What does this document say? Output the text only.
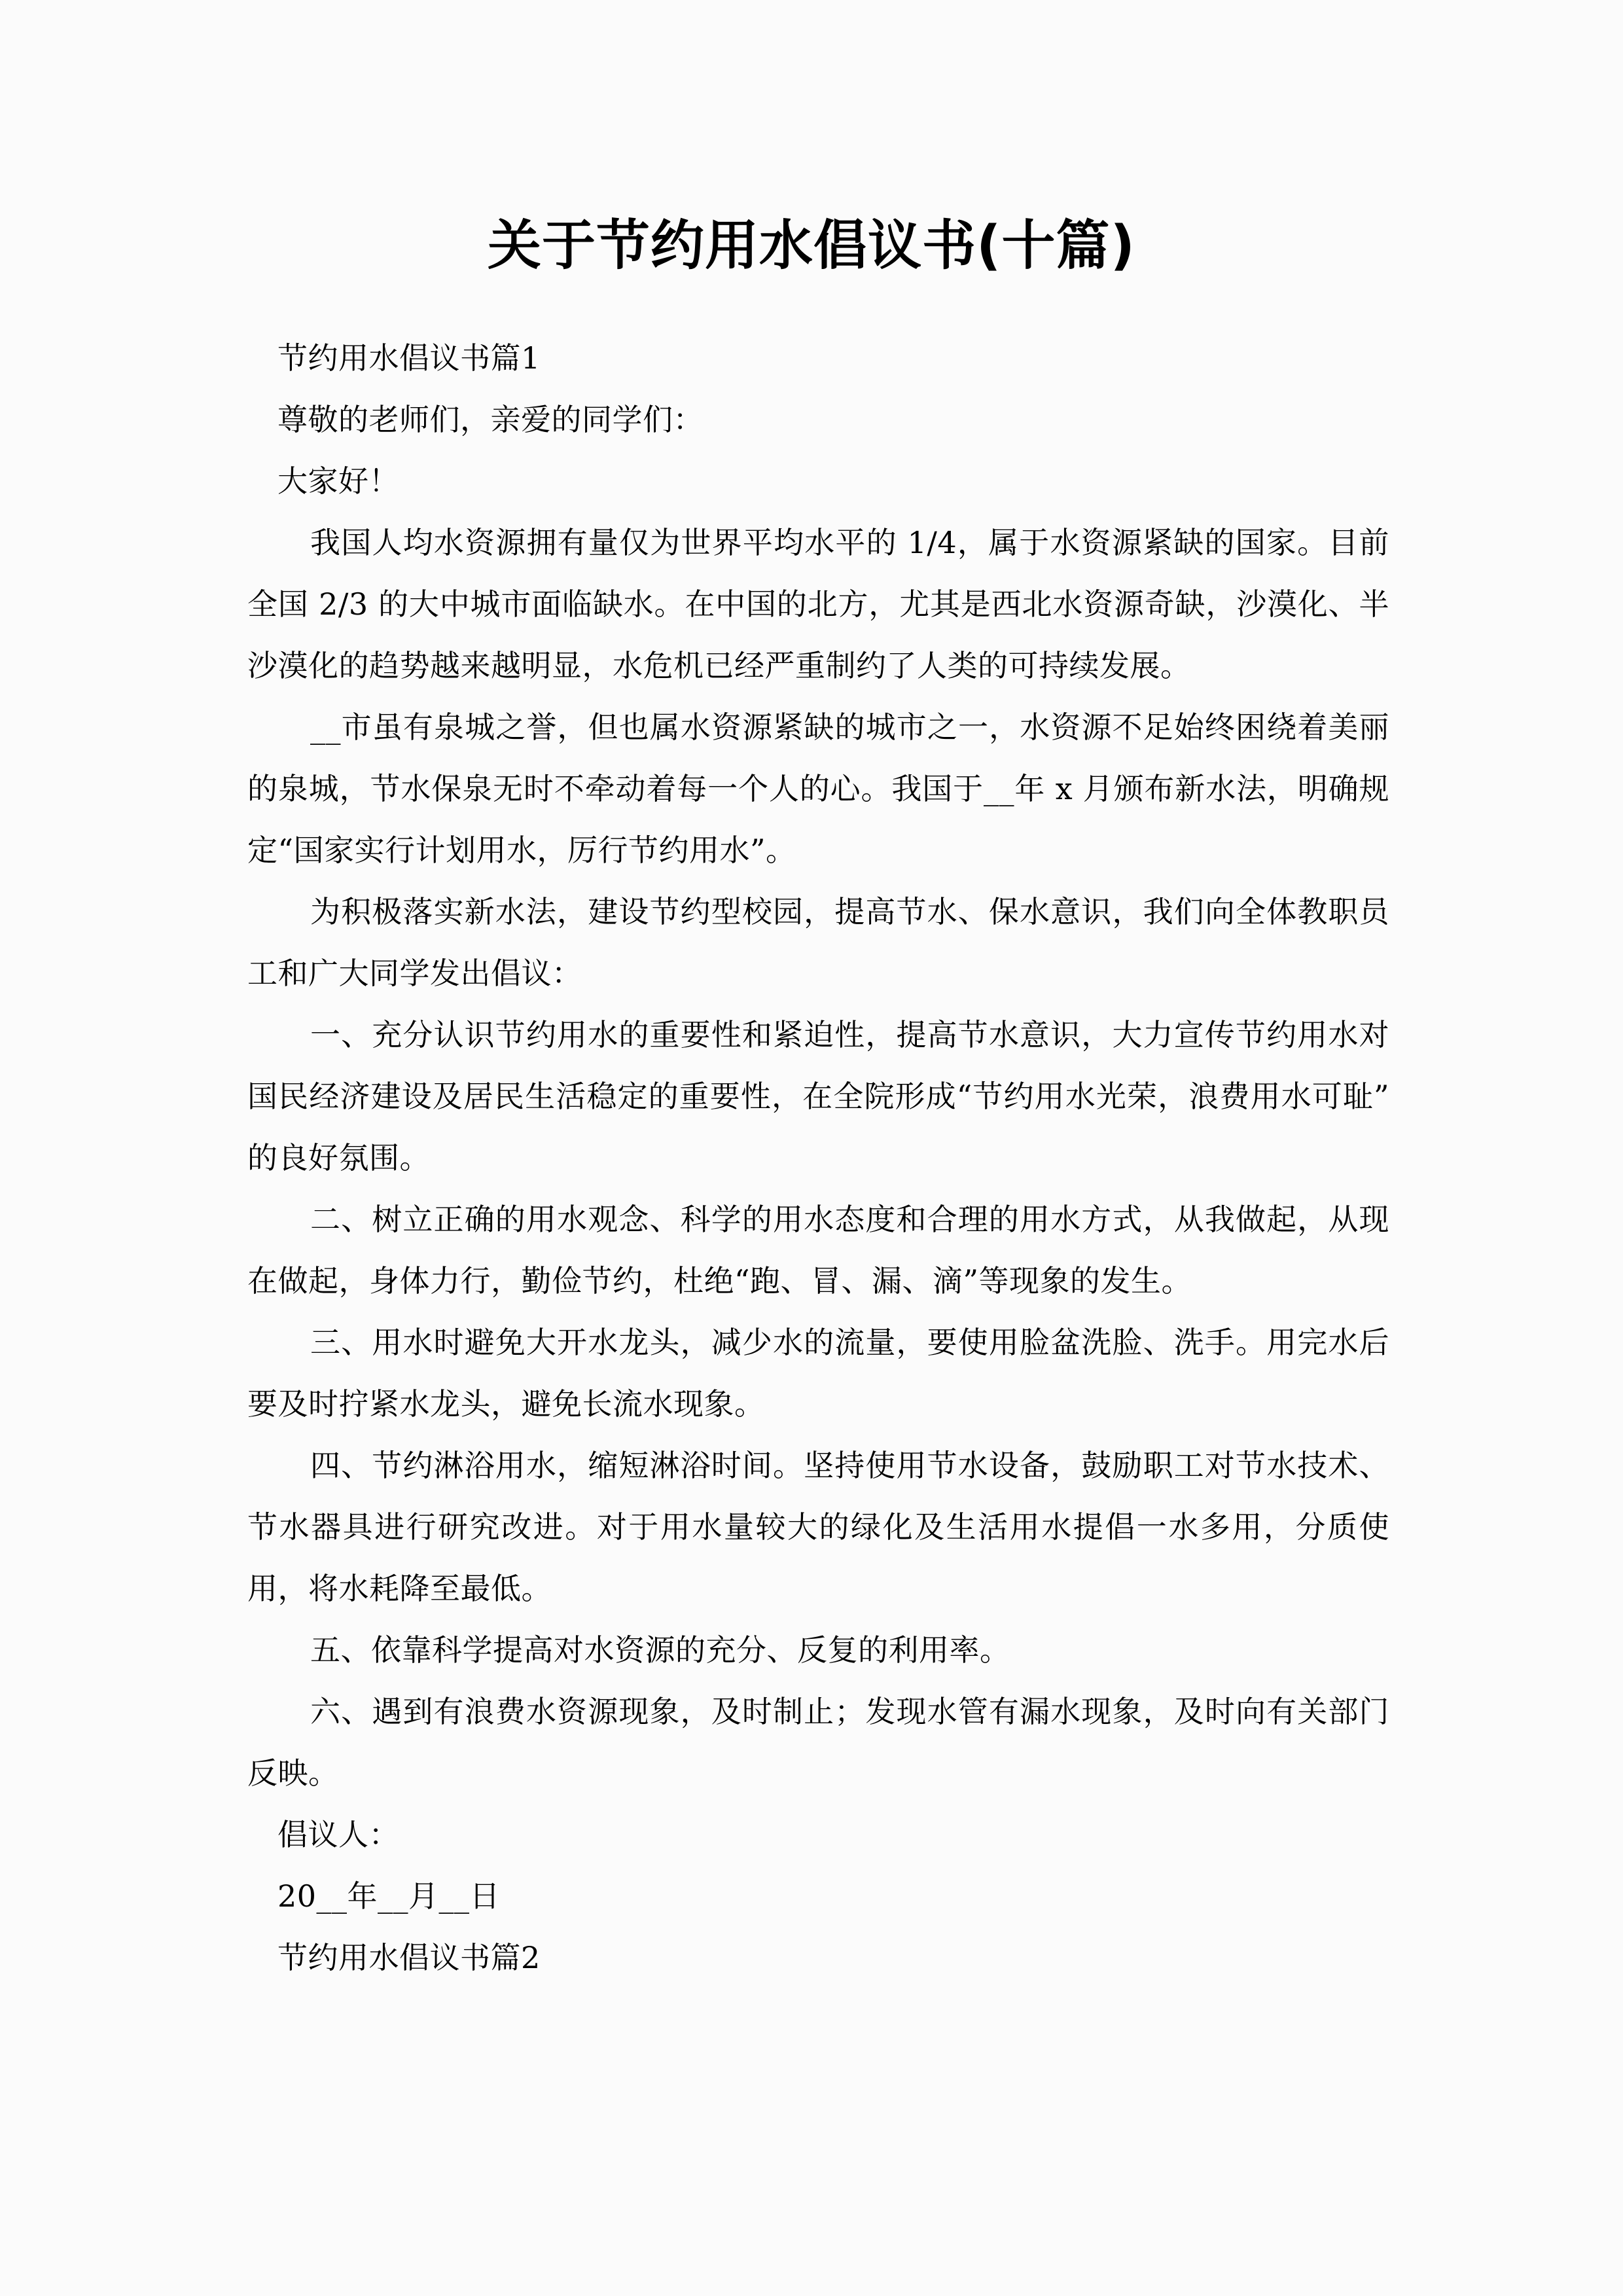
关于节约用水倡议书(十篇)

节约用水倡议书篇1

尊敬的老师们，亲爱的同学们：

大家好！

我国人均水资源拥有量仅为世界平均水平的 1/4，属于水资源紧缺的国家。目前全国 2/3 的大中城市面临缺水。在中国的北方，尤其是西北水资源奇缺，沙漠化、半沙漠化的趋势越来越明显，水危机已经严重制约了人类的可持续发展。

__市虽有泉城之誉，但也属水资源紧缺的城市之一，水资源不足始终困绕着美丽的泉城，节水保泉无时不牵动着每一个人的心。我国于__年 x 月颁布新水法，明确规定“国家实行计划用水，厉行节约用水”。

为积极落实新水法，建设节约型校园，提高节水、保水意识，我们向全体教职员工和广大同学发出倡议：

一、充分认识节约用水的重要性和紧迫性，提高节水意识，大力宣传节约用水对国民经济建设及居民生活稳定的重要性，在全院形成“节约用水光荣，浪费用水可耻”的良好氛围。

二、树立正确的用水观念、科学的用水态度和合理的用水方式，从我做起，从现在做起，身体力行，勤俭节约，杜绝“跑、冒、漏、滴”等现象的发生。

三、用水时避免大开水龙头，减少水的流量，要使用脸盆洗脸、洗手。用完水后要及时拧紧水龙头，避免长流水现象。

四、节约淋浴用水，缩短淋浴时间。坚持使用节水设备，鼓励职工对节水技术、节水器具进行研究改进。对于用水量较大的绿化及生活用水提倡一水多用，分质使用，将水耗降至最低。

五、依靠科学提高对水资源的充分、反复的利用率。

六、遇到有浪费水资源现象，及时制止；发现水管有漏水现象，及时向有关部门反映。

倡议人：

20__年__月__日

节约用水倡议书篇2
